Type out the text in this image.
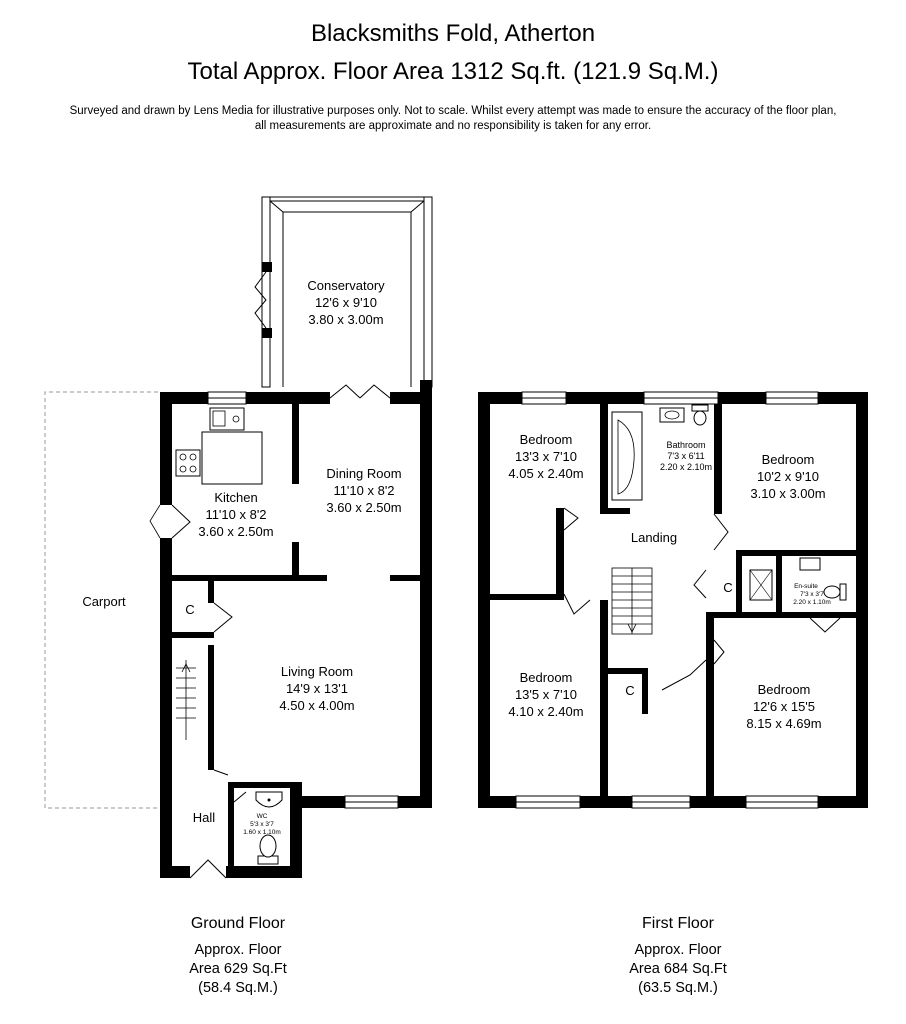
Blacksmiths Fold, Atherton
Total Approx. Floor Area 1312 Sq.ft. (121.9 Sq.M.)
Surveyed and drawn by Lens Media for illustrative purposes only. Not to scale. Whilst every attempt was made to ensure the accuracy of the floor plan,
all measurements are approximate and no responsibility is taken for any error.
Carport
Conservatory
12'6 x 9'10
3.80 x 3.00m
Kitchen
11'10 x 8'2
3.60 x 2.50m
Dining Room
11'10 x 8'2
3.60 x 2.50m
C
Living Room
14'9 x 13'1
4.50 x 4.00m
Hall	WC
5'3 x 3'7
1.60 x 1.10m
Bedroom
13'3 x 7'10
4.05 x 2.40m
Bathroom
7'3 x 6'11
2.20 x 2.10m	Bedroom
10'2 x 9'10
3.10 x 3.00m
Landing
C	En-suite
7'3 x 3'7
2.20 x 1.10m
Bedroom
13'5 x 7'10
4.10 x 2.40m
C	Bedroom
12'6 x 15'5
8.15 x 4.69m
Ground Floor
Approx. Floor
Area 629 Sq.Ft
(58.4 Sq.M.)
First Floor
Approx. Floor
Area 684 Sq.Ft
(63.5 Sq.M.)
